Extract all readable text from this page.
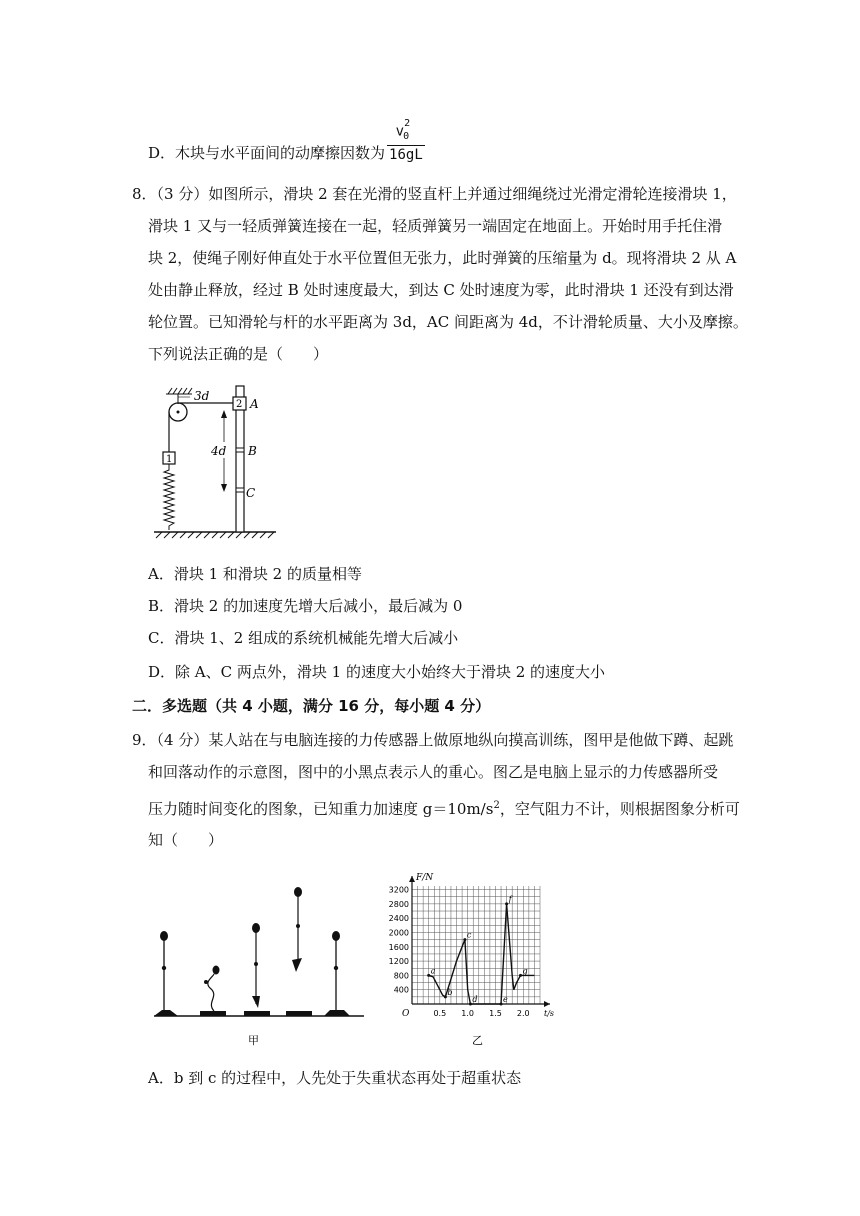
D．木块与水平面间的动摩擦因数为 $\frac{v^2_0}{16gL}$
8．（3 分）如图所示，滑块 2 套在光滑的竖直杆上并通过细绳绕过光滑定滑轮连接滑块 1，
滑块 1 又与一轻质弹簧连接在一起，轻质弹簧另一端固定在地面上。开始时用手托住滑
块 2，使绳子刚好伸直处于水平位置但无张力，此时弹簧的压缩量为 d。现将滑块 2 从 A
处由静止释放，经过 B 处时速度最大，到达 C 处时速度为零，此时滑块 1 还没有到达滑
轮位置。已知滑轮与杆的水平距离为 3d，AC 间距离为 4d，不计滑轮质量、大小及摩擦。
下列说法正确的是（　　）
3d
1
2 A
B
C
4d
A．滑块 1 和滑块 2 的质量相等
B．滑块 2 的加速度先增大后减小，最后减为 0
C．滑块 1、2 组成的系统机械能先增大后减小
D．除 A、C 两点外，滑块 1 的速度大小始终大于滑块 2 的速度大小
二．多选题（共 4 小题，满分 16 分，每小题 4 分）
9．（4 分）某人站在与电脑连接的力传感器上做原地纵向摸高训练，图甲是他做下蹲、起跳
和回落动作的示意图，图中的小黑点表示人的重心。图乙是电脑上显示的力传感器所受
压力随时间变化的图象，已知重力加速度 $g=10m/s^2$，空气阻力不计，则根据图象分析可
知（　　）
甲
400
800
1200
1600
2000
2400
2800
3200
0.5 1.0 1.5 2.0
O
F/N
t/s
a
b
c
d	e
f
g
乙
A．b 到 c 的过程中，人先处于失重状态再处于超重状态
